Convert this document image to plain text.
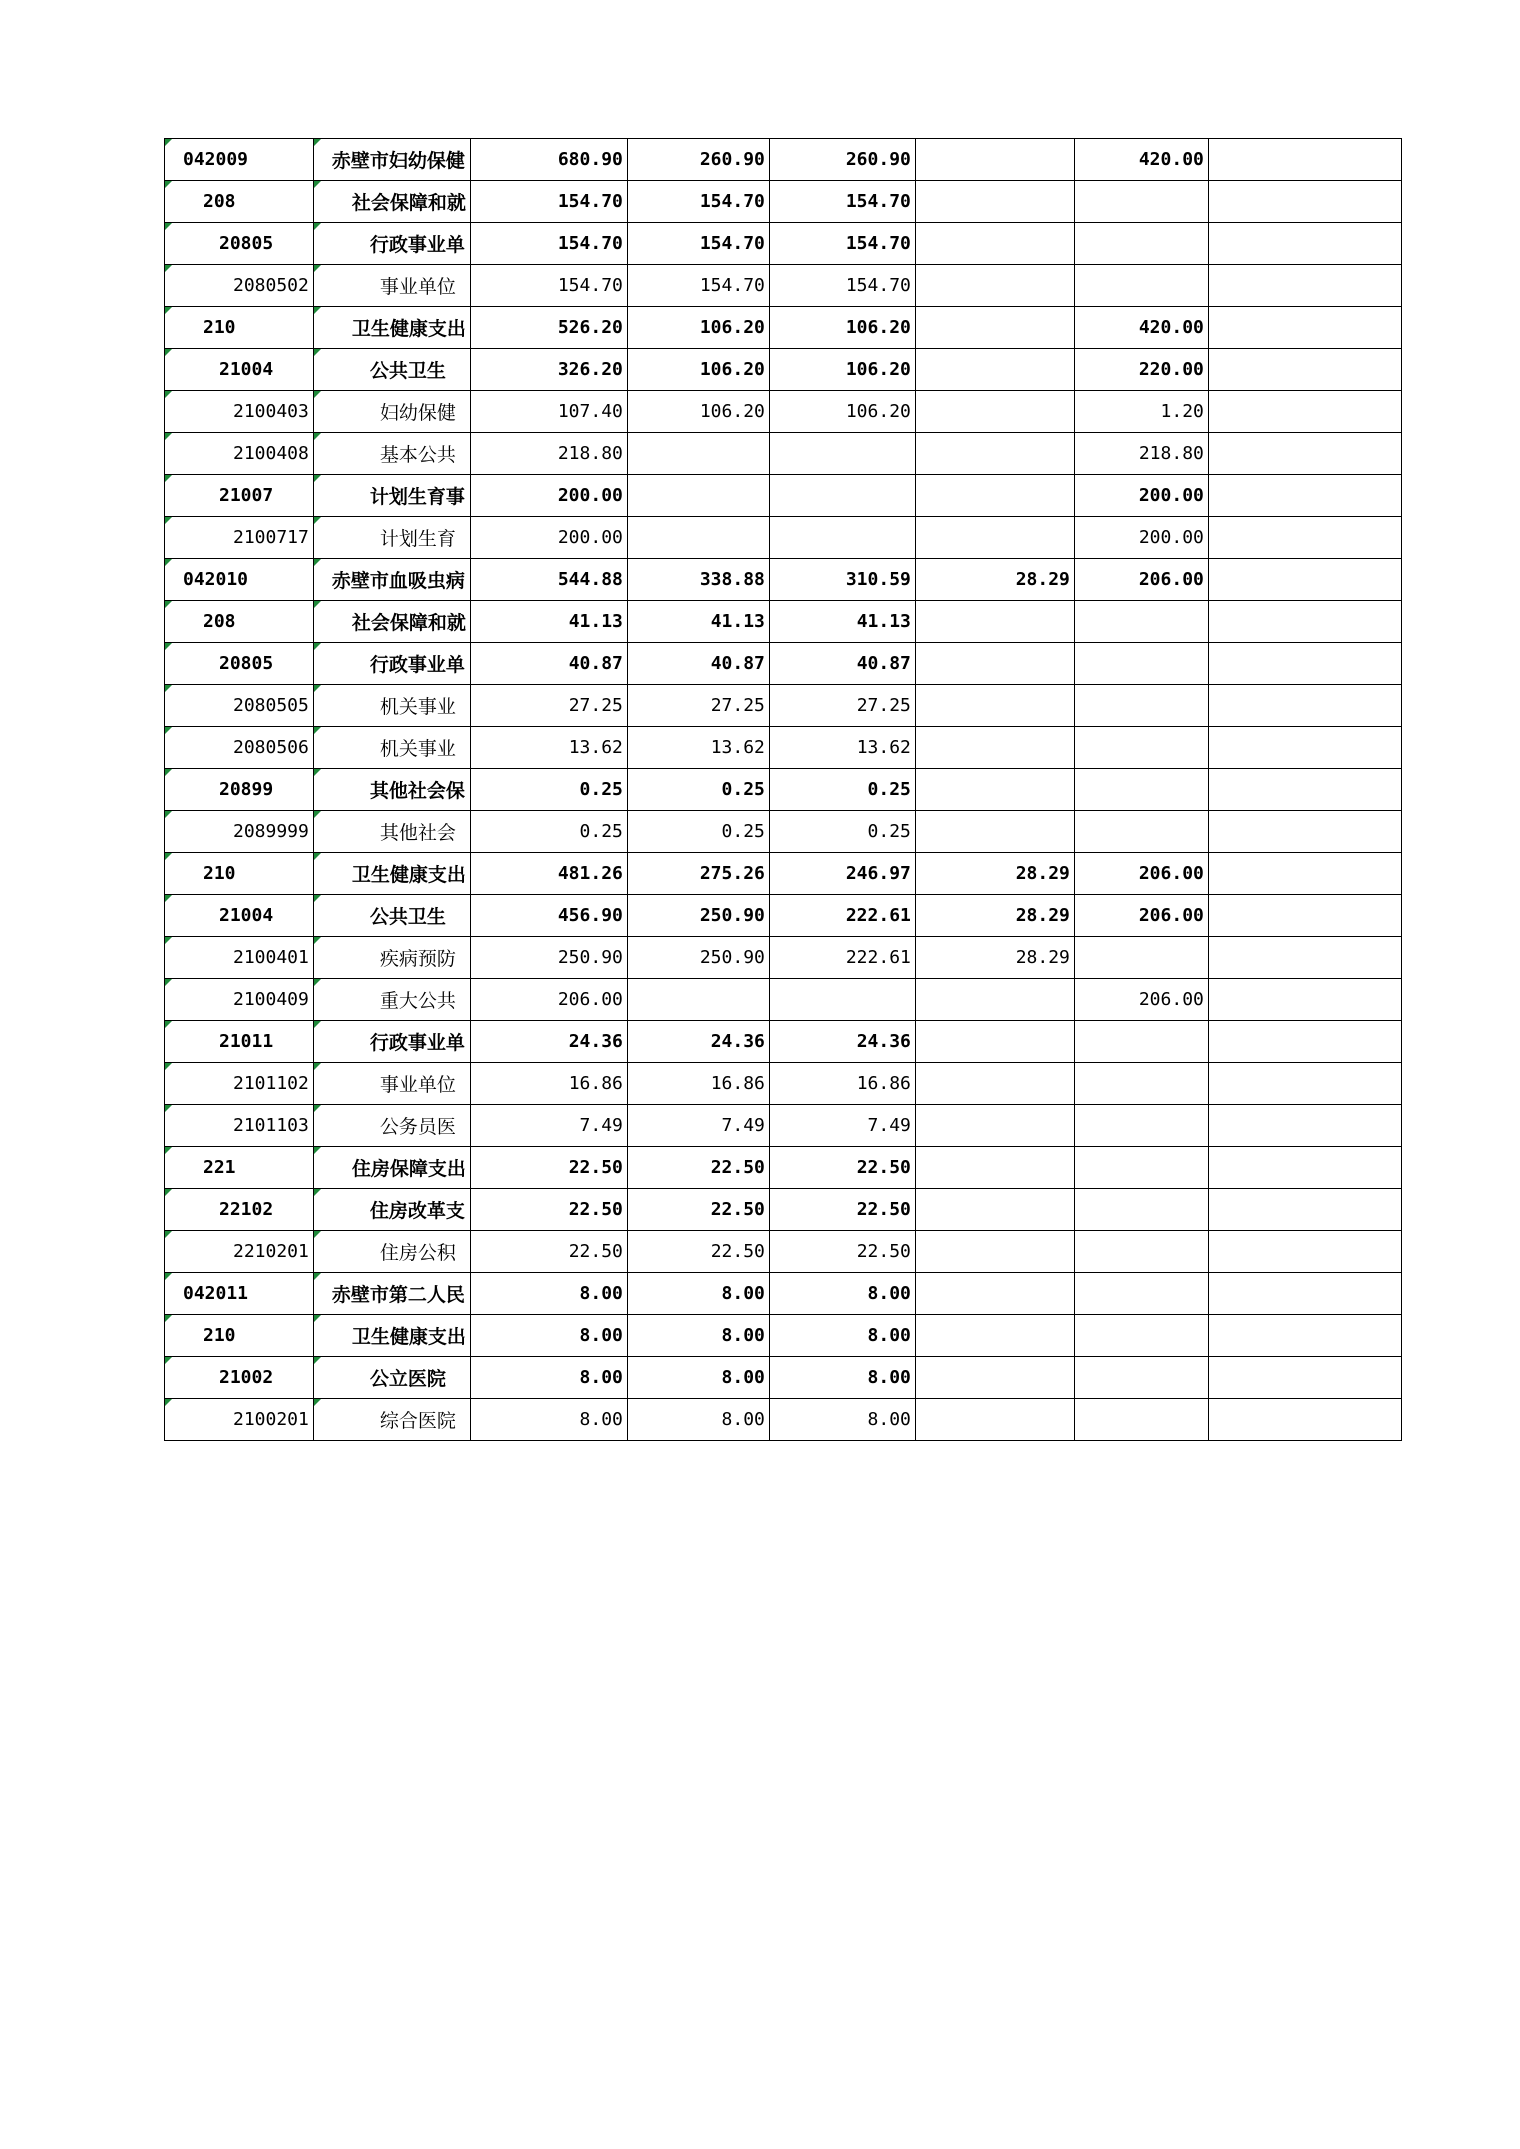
042009	赤壁市妇幼保健	680.90	260.90	260.90		420.00	
208	社会保障和就	154.70	154.70	154.70			
20805	行政事业单	154.70	154.70	154.70			
2080502	事业单位	154.70	154.70	154.70			
210	卫生健康支出	526.20	106.20	106.20		420.00	
21004	公共卫生	326.20	106.20	106.20		220.00	
2100403	妇幼保健	107.40	106.20	106.20		1.20	
2100408	基本公共	218.80				218.80	
21007	计划生育事	200.00				200.00	
2100717	计划生育	200.00				200.00	
042010	赤壁市血吸虫病	544.88	338.88	310.59	28.29	206.00	
208	社会保障和就	41.13	41.13	41.13			
20805	行政事业单	40.87	40.87	40.87			
2080505	机关事业	27.25	27.25	27.25			
2080506	机关事业	13.62	13.62	13.62			
20899	其他社会保	0.25	0.25	0.25			
2089999	其他社会	0.25	0.25	0.25			
210	卫生健康支出	481.26	275.26	246.97	28.29	206.00	
21004	公共卫生	456.90	250.90	222.61	28.29	206.00	
2100401	疾病预防	250.90	250.90	222.61	28.29		
2100409	重大公共	206.00				206.00	
21011	行政事业单	24.36	24.36	24.36			
2101102	事业单位	16.86	16.86	16.86			
2101103	公务员医	7.49	7.49	7.49			
221	住房保障支出	22.50	22.50	22.50			
22102	住房改革支	22.50	22.50	22.50			
2210201	住房公积	22.50	22.50	22.50			
042011	赤壁市第二人民	8.00	8.00	8.00			
210	卫生健康支出	8.00	8.00	8.00			
21002	公立医院	8.00	8.00	8.00			
2100201	综合医院	8.00	8.00	8.00			
